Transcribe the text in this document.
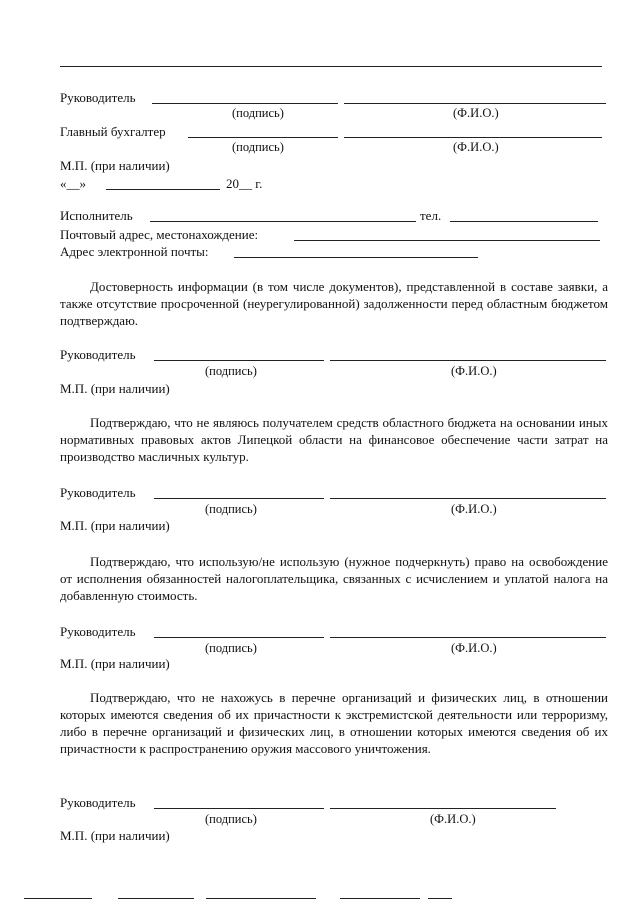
Руководитель
(подпись)	(Ф.И.О.)
Главный бухгалтер
(подпись)	(Ф.И.О.)
М.П. (при наличии)
«__»	20__ г.
Исполнитель	тел.
Почтовый адрес, местонахождение:
Адрес электронной почты:
Достоверность информации (в том числе документов), представленной в составе заявки, а также отсутствие просроченной (неурегулированной) задолженности перед областным бюджетом подтверждаю.
Руководитель
(подпись)	(Ф.И.О.)
М.П. (при наличии)
Подтверждаю, что не являюсь получателем средств областного бюджета на основании иных нормативных правовых актов Липецкой области на финансовое обеспечение части затрат на производство масличных культур.
Руководитель
(подпись)	(Ф.И.О.)
М.П. (при наличии)
Подтверждаю, что использую/не использую (нужное подчеркнуть) право на освобождение от исполнения обязанностей налогоплательщика, связанных с исчислением и уплатой налога на добавленную стоимость.
Руководитель
(подпись)	(Ф.И.О.)
М.П. (при наличии)
Подтверждаю, что не нахожусь в перечне организаций и физических лиц, в отношении которых имеются сведения об их причастности к экстремистской деятельности или терроризму, либо в перечне организаций и физических лиц, в отношении которых имеются сведения об их причастности к распространению оружия массового уничтожения.
Руководитель
(подпись)	(Ф.И.О.)
М.П. (при наличии)
